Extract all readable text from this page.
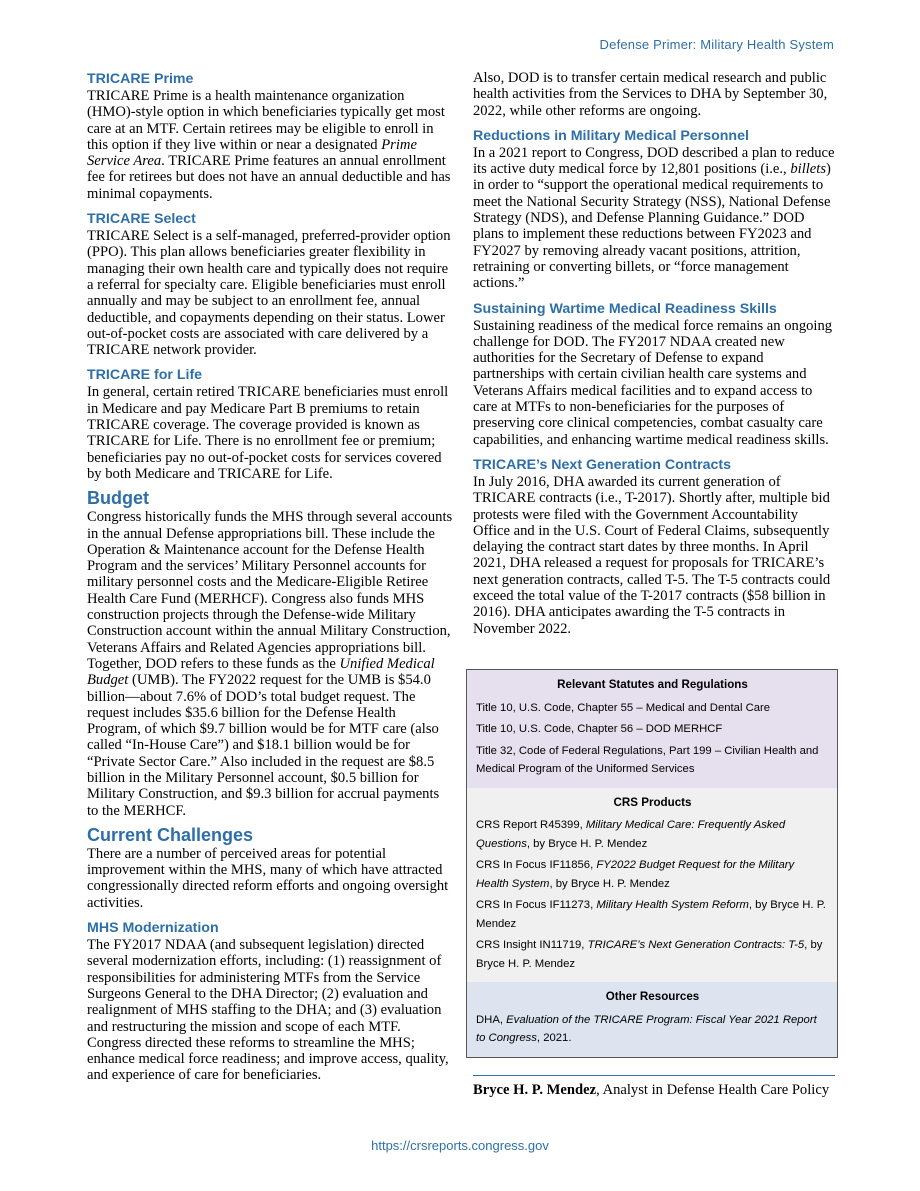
Defense Primer: Military Health System
TRICARE Prime

TRICARE Prime is a health maintenance organization (HMO)-style option in which beneficiaries typically get most care at an MTF. Certain retirees may be eligible to enroll in this option if they live within or near a designated Prime Service Area. TRICARE Prime features an annual enrollment fee for retirees but does not have an annual deductible and has minimal copayments.

TRICARE Select

TRICARE Select is a self-managed, preferred-provider option (PPO). This plan allows beneficiaries greater flexibility in managing their own health care and typically does not require a referral for specialty care. Eligible beneficiaries must enroll annually and may be subject to an enrollment fee, annual deductible, and copayments depending on their status. Lower out-of-pocket costs are associated with care delivered by a TRICARE network provider.

TRICARE for Life

In general, certain retired TRICARE beneficiaries must enroll in Medicare and pay Medicare Part B premiums to retain TRICARE coverage. The coverage provided is known as TRICARE for Life. There is no enrollment fee or premium; beneficiaries pay no out-of-pocket costs for services covered by both Medicare and TRICARE for Life.

Budget

Congress historically funds the MHS through several accounts in the annual Defense appropriations bill. These include the Operation & Maintenance account for the Defense Health Program and the services’ Military Personnel accounts for military personnel costs and the Medicare-Eligible Retiree Health Care Fund (MERHCF). Congress also funds MHS construction projects through the Defense-wide Military Construction account within the annual Military Construction, Veterans Affairs and Related Agencies appropriations bill. Together, DOD refers to these funds as the Unified Medical Budget (UMB). The FY2022 request for the UMB is $54.0 billion—about 7.6% of DOD’s total budget request. The request includes $35.6 billion for the Defense Health Program, of which $9.7 billion would be for MTF care (also called “In-House Care”) and $18.1 billion would be for “Private Sector Care.” Also included in the request are $8.5 billion in the Military Personnel account, $0.5 billion for Military Construction, and $9.3 billion for accrual payments to the MERHCF.

Current Challenges

There are a number of perceived areas for potential improvement within the MHS, many of which have attracted congressionally directed reform efforts and ongoing oversight activities.

MHS Modernization

The FY2017 NDAA (and subsequent legislation) directed several modernization efforts, including: (1) reassignment of responsibilities for administering MTFs from the Service Surgeons General to the DHA Director; (2) evaluation and realignment of MHS staffing to the DHA; and (3) evaluation and restructuring the mission and scope of each MTF. Congress directed these reforms to streamline the MHS; enhance medical force readiness; and improve access, quality, and experience of care for beneficiaries.

Also, DOD is to transfer certain medical research and public health activities from the Services to DHA by September 30, 2022, while other reforms are ongoing.

Reductions in Military Medical Personnel

In a 2021 report to Congress, DOD described a plan to reduce its active duty medical force by 12,801 positions (i.e., billets) in order to “support the operational medical requirements to meet the National Security Strategy (NSS), National Defense Strategy (NDS), and Defense Planning Guidance.” DOD plans to implement these reductions between FY2023 and FY2027 by removing already vacant positions, attrition, retraining or converting billets, or “force management actions.”

Sustaining Wartime Medical Readiness Skills

Sustaining readiness of the medical force remains an ongoing challenge for DOD. The FY2017 NDAA created new authorities for the Secretary of Defense to expand partnerships with certain civilian health care systems and Veterans Affairs medical facilities and to expand access to care at MTFs to non-beneficiaries for the purposes of preserving core clinical competencies, combat casualty care capabilities, and enhancing wartime medical readiness skills.

TRICARE’s Next Generation Contracts

In July 2016, DHA awarded its current generation of TRICARE contracts (i.e., T-2017). Shortly after, multiple bid protests were filed with the Government Accountability Office and in the U.S. Court of Federal Claims, subsequently delaying the contract start dates by three months. In April 2021, DHA released a request for proposals for TRICARE’s next generation contracts, called T-5. The T-5 contracts could exceed the total value of the T-2017 contracts ($58 billion in 2016). DHA anticipates awarding the T-5 contracts in November 2022.

Relevant Statutes and Regulations
Title 10, U.S. Code, Chapter 55 – Medical and Dental Care
Title 10, U.S. Code, Chapter 56 – DOD MERHCF
Title 32, Code of Federal Regulations, Part 199 – Civilian Health and Medical Program of the Uniformed Services
CRS Products
CRS Report R45399, Military Medical Care: Frequently Asked Questions, by Bryce H. P. Mendez
CRS In Focus IF11856, FY2022 Budget Request for the Military Health System, by Bryce H. P. Mendez
CRS In Focus IF11273, Military Health System Reform, by Bryce H. P. Mendez
CRS Insight IN11719, TRICARE’s Next Generation Contracts: T-5, by Bryce H. P. Mendez
Other Resources
DHA, Evaluation of the TRICARE Program: Fiscal Year 2021 Report to Congress, 2021.
Bryce H. P. Mendez, Analyst in Defense Health Care Policy
https://crsreports.congress.gov
